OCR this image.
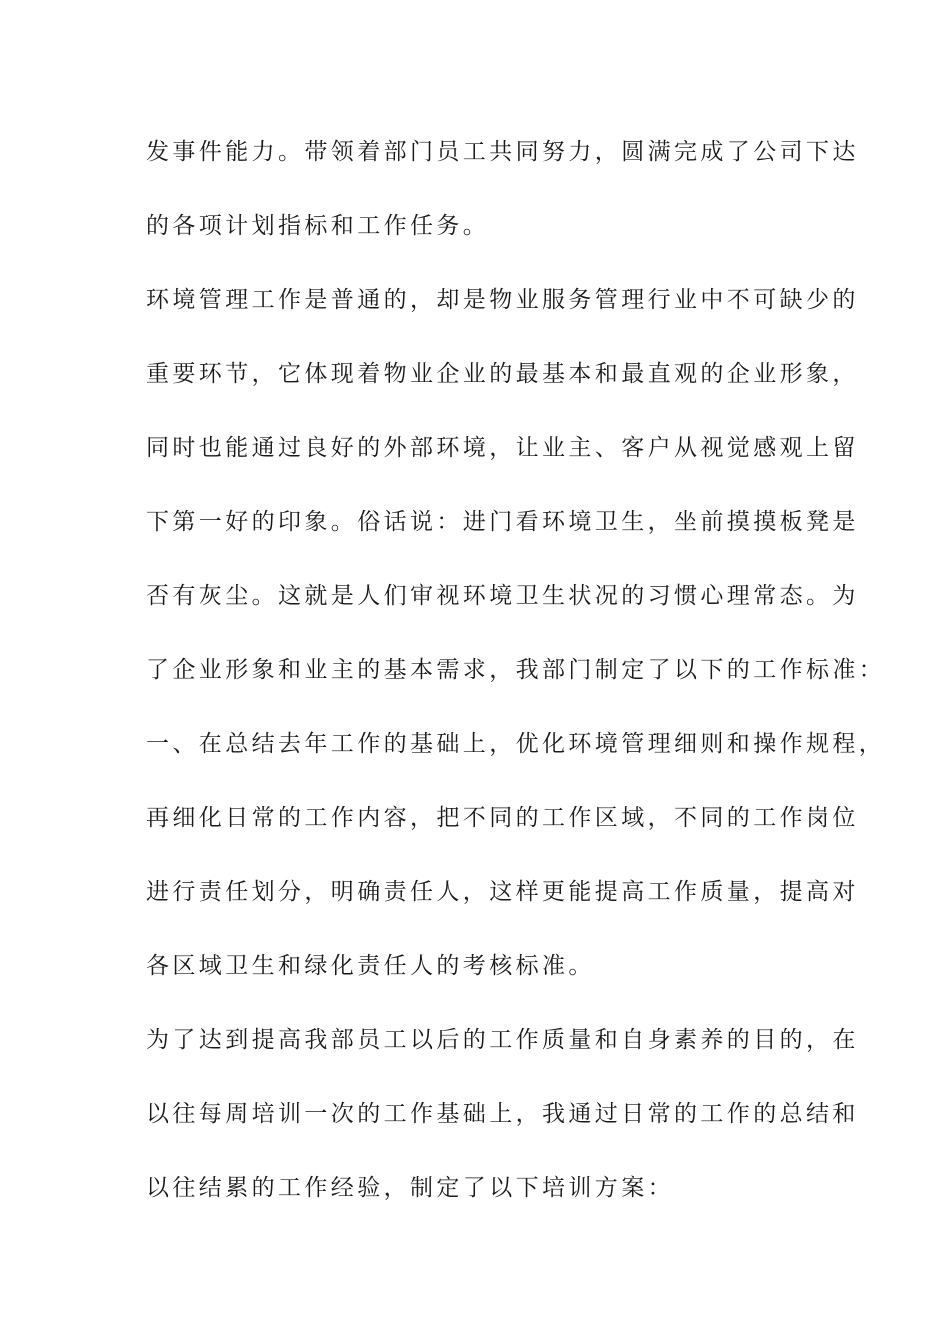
发事件能力。带领着部门员工共同努力，圆满完成了公司下达
的各项计划指标和工作任务。
环境管理工作是普通的，却是物业服务管理行业中不可缺少的
重要环节，它体现着物业企业的最基本和最直观的企业形象，
同时也能通过良好的外部环境，让业主、客户从视觉感观上留
下第一好的印象。俗话说：进门看环境卫生，坐前摸摸板凳是
否有灰尘。这就是人们审视环境卫生状况的习惯心理常态。为
了企业形象和业主的基本需求，我部门制定了以下的工作标准：
一、在总结去年工作的基础上，优化环境管理细则和操作规程，
再细化日常的工作内容，把不同的工作区域，不同的工作岗位
进行责任划分，明确责任人，这样更能提高工作质量，提高对
各区域卫生和绿化责任人的考核标准。
为了达到提高我部员工以后的工作质量和自身素养的目的，在
以往每周培训一次的工作基础上，我通过日常的工作的总结和
以往结累的工作经验，制定了以下培训方案：
